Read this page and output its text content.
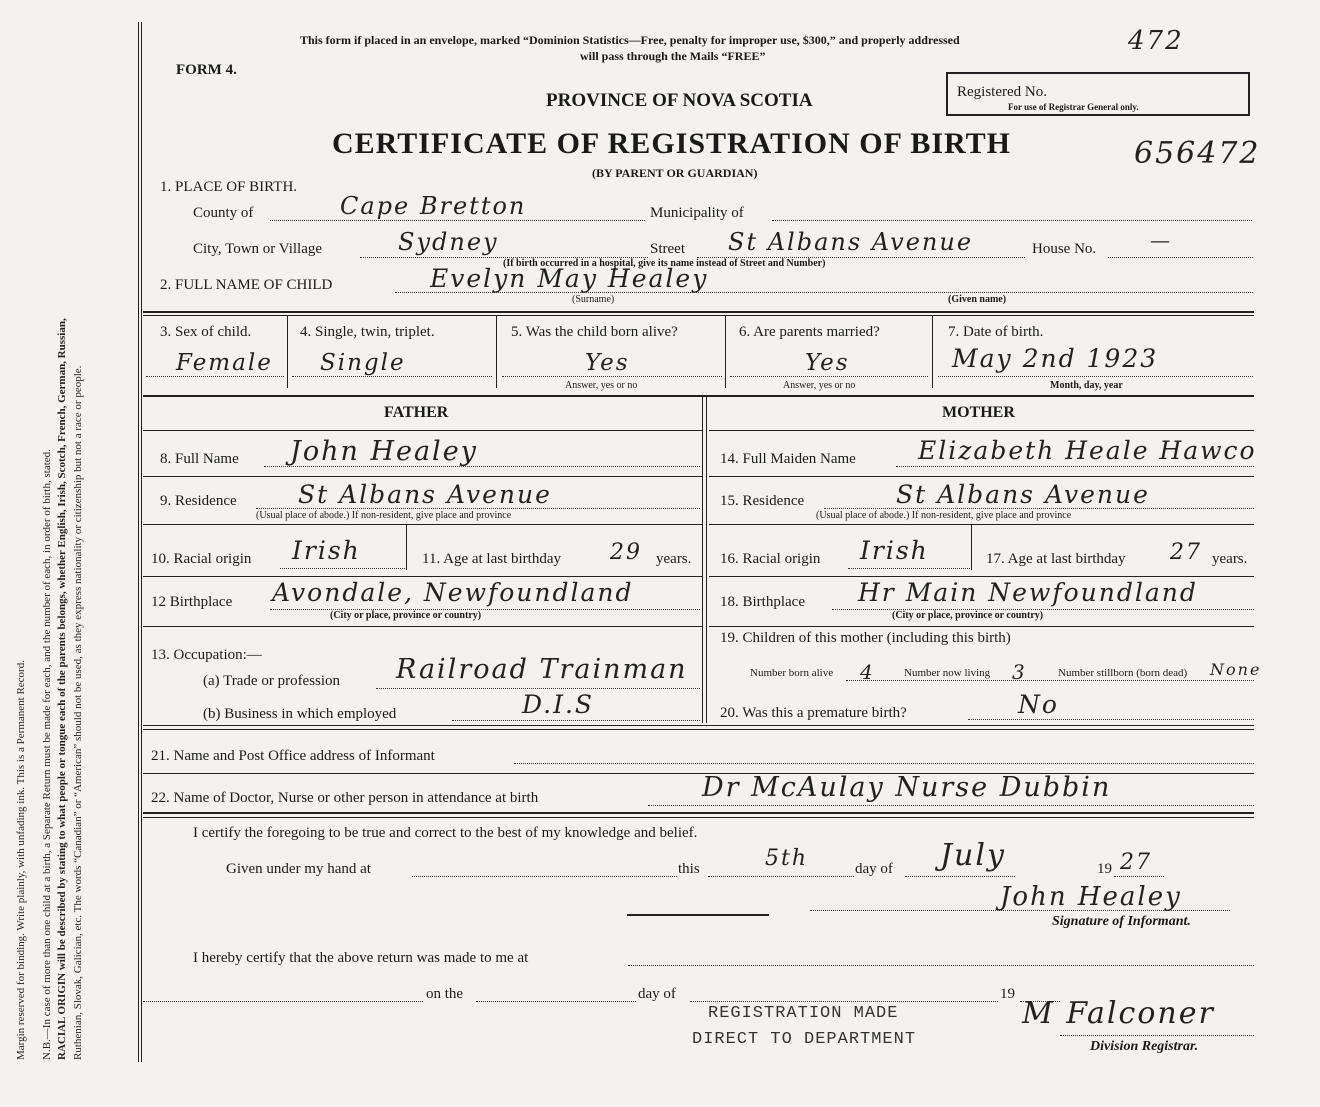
Margin reserved for binding. Write plainly, with unfading ink. This is a Permanent Record. N.B.—In case of more than one child at a birth, a Separate Return must be made for each, and the number of each, in order of birth, stated. RACIAL ORIGIN will be described by stating to what people or tongue each of the parents belongs, whether English, Irish, Scotch, French, German, Russian, Ruthenian, Slovak, Galician, etc. The words “Canadian” or “American” should not be used, as they express nationality or citizenship but not a race or people.
This form if placed in an envelope, marked “Dominion Statistics—Free, penalty for improper use, $300,” and properly addressed
will pass through the Mails “FREE”	472
FORM 4.
PROVINCE OF NOVA SCOTIA	Registered No.
For use of Registrar General only.
CERTIFICATE OF REGISTRATION OF BIRTH
(BY PARENT OR GUARDIAN)
656472
1. PLACE OF BIRTH.
County of	Cape Bretton	Municipality of
City, Town or Village	Sydney	Street St Albans Avenue	House No.	—
(If birth occurred in a hospital, give its name instead of Street and Number)
2. FULL NAME OF CHILD	Evelyn May Healey
(Surname)	(Given name)
3. Sex of child.
Female
4. Single, twin, triplet.
Single
5. Was the child born alive?
Yes
Answer, yes or no
6. Are parents married?
Yes
Answer, yes or no
7. Date of birth.
May 2nd 1923
Month, day, year
FATHER	MOTHER
8. Full Name John Healey
9. Residence St Albans Avenue
(Usual place of abode.) If non-resident, give place and province
10. Racial origin Irish	11. Age at last birthday 29 years.
12 Birthplace Avondale, Newfoundland
(City or place, province or country)
13. Occupation:—
(a) Trade or profession Railroad Trainman
(b) Business in which employed	D.I.S
14. Full Maiden Name Elizabeth Heale Hawco
15. Residence	St Albans Avenue
(Usual place of abode.) If non-resident, give place and province
16. Racial origin Irish	17. Age at last birthday 27 years.
18. Birthplace Hr Main Newfoundland
(City or place, province or country)
19. Children of this mother (including this birth)
Number born alive 4	Number now living 3	Number stillborn (born dead) None
20. Was this a premature birth?	No
21. Name and Post Office address of Informant
22. Name of Doctor, Nurse or other person in attendance at birth	Dr McAulay Nurse Dubbin
I certify the foregoing to be true and correct to the best of my knowledge and belief.
Given under my hand at	this	5th	day of July	19 27
John Healey
Signature of Informant.
I hereby certify that the above return was made to me at
on the	day of	19
REGISTRATION MADE
DIRECT TO DEPARTMENT
M Falconer
Division Registrar.
